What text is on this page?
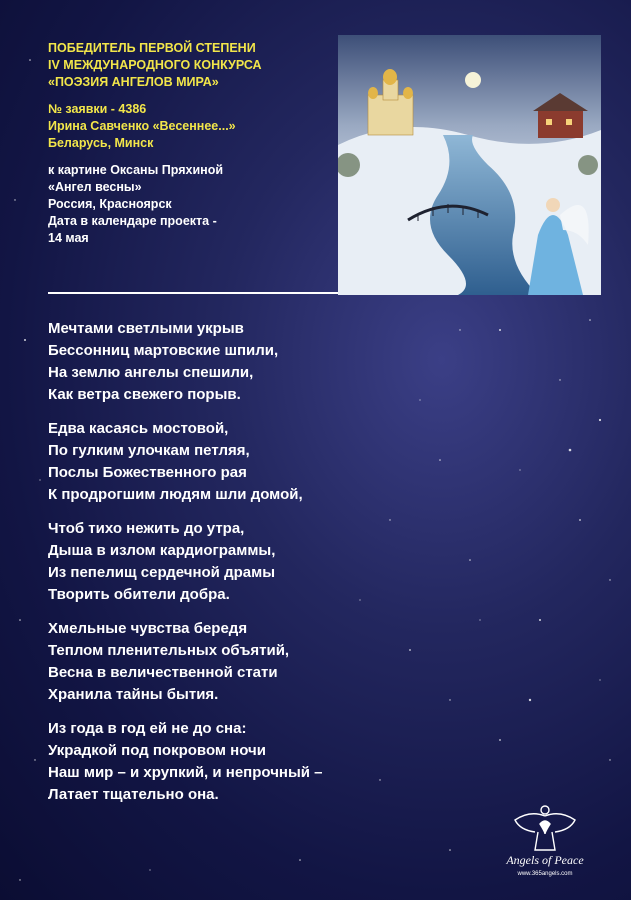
ПОБЕДИТЕЛЬ ПЕРВОЙ СТЕПЕНИ
IV МЕЖДУНАРОДНОГО КОНКУРСА
«ПОЭЗИЯ АНГЕЛОВ МИРА»
№ заявки - 4386
Ирина Савченко «Весеннее...»
Беларусь, Минск
к картине Оксаны Пряхиной
«Ангел весны»
Россия, Красноярск
Дата в календаре проекта -
14 мая
Мечтами светлыми укрыв
Бессонниц мартовские шпили,
На землю ангелы спешили,
Как ветра свежего порыв.
Едва касаясь мостовой,
По гулким улочкам петляя,
Послы Божественного рая
К продрогшим людям шли домой,
Чтоб тихо нежить до утра,
Дыша в излом кардиограммы,
Из пепелищ сердечной драмы
Творить обители добра.
Хмельные чувства бередя
Теплом пленительных объятий,
Весна в величественной стати
Хранила тайны бытия.
Из года в год ей не до сна:
Украдкой под покровом ночи
Наш мир – и хрупкий, и непрочный –
Латает тщательно она.
Angels of Peace
www.365angels.com
